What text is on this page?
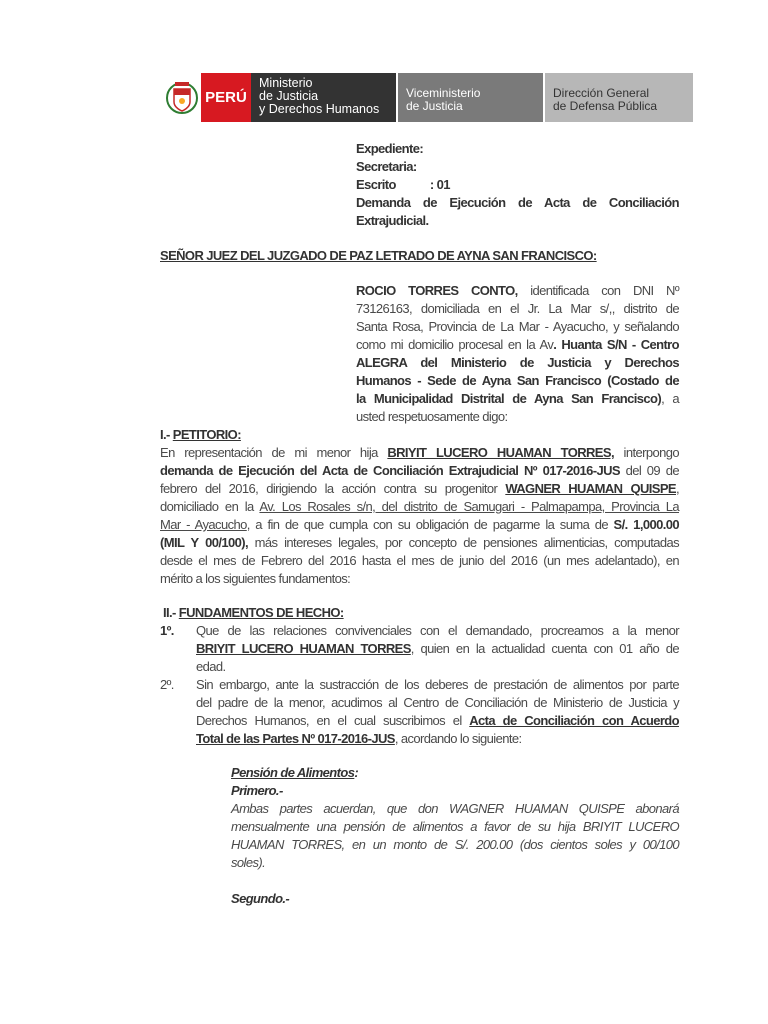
PERÚ
Ministerio
de Justicia
y Derechos Humanos
Viceministerio
de Justicia
Dirección General
de Defensa Pública
Expediente:
Secretaria:
Escrito	: 01
Demanda de Ejecución de Acta de Conciliación
Extrajudicial.
SEÑOR JUEZ DEL JUZGADO DE PAZ LETRADO DE AYNA SAN FRANCISCO:
ROCIO TORRES CONTO, identificada con DNI Nº
73126163, domiciliada en el Jr. La Mar s/,, distrito de
Santa Rosa, Provincia de La Mar - Ayacucho, y señalando
como mi domicilio procesal en la Av. Huanta S/N - Centro
ALEGRA del Ministerio de Justicia y Derechos
Humanos - Sede de Ayna San Francisco (Costado de
la Municipalidad Distrital de Ayna San Francisco), a
usted respetuosamente digo:
I.- PETITORIO:
En representación de mi menor hija BRIYIT LUCERO HUAMAN TORRES, interpongo
demanda de Ejecución del Acta de Conciliación Extrajudicial Nº 017-2016-JUS del 09 de
febrero del 2016, dirigiendo la acción contra su progenitor WAGNER HUAMAN QUISPE,
domiciliado en la Av. Los Rosales s/n, del distrito de Samugari - Palmapampa, Provincia La
Mar - Ayacucho, a fin de que cumpla con su obligación de pagarme la suma de S/. 1,000.00
(MIL Y 00/100), más intereses legales, por concepto de pensiones alimenticias, computadas
desde el mes de Febrero del 2016 hasta el mes de junio del 2016 (un mes adelantado), en
mérito a los siguientes fundamentos:
II.- FUNDAMENTOS DE HECHO:
1º. Que de las relaciones convivenciales con el demandado, procreamos a la menor
BRIYIT LUCERO HUAMAN TORRES, quien en la actualidad cuenta con 01 año de
edad.
2º. Sin embargo, ante la sustracción de los deberes de prestación de alimentos por parte
del padre de la menor, acudimos al Centro de Conciliación de Ministerio de Justicia y
Derechos Humanos, en el cual suscribimos el Acta de Conciliación con Acuerdo
Total de las Partes Nº 017-2016-JUS, acordando lo siguiente:
Pensión de Alimentos:
Primero.-
Ambas partes acuerdan, que don WAGNER HUAMAN QUISPE abonará
mensualmente una pensión de alimentos a favor de su hija BRIYIT LUCERO
HUAMAN TORRES, en un monto de S/. 200.00 (dos cientos soles y 00/100
soles).
Segundo.-
